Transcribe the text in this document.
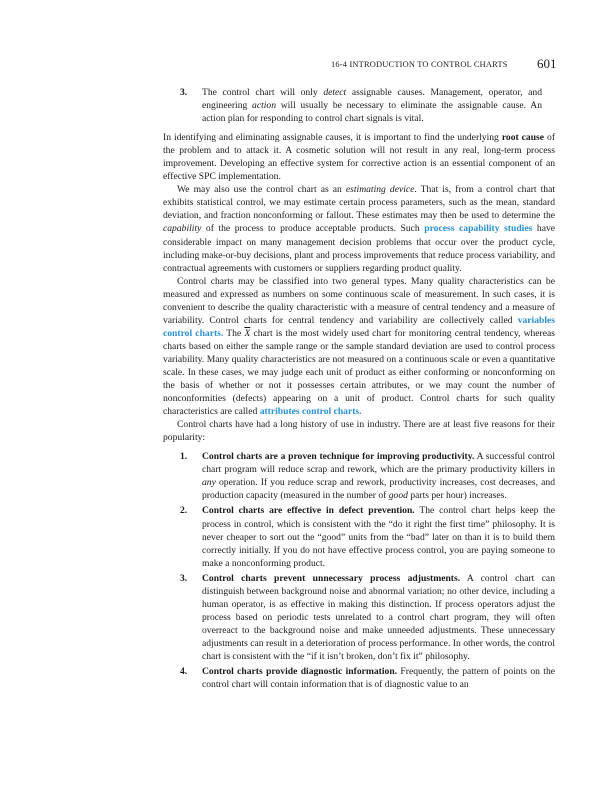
16-4 INTRODUCTION TO CONTROL CHARTS 601
3. The control chart will only detect assignable causes. Management, operator, and engineering action will usually be necessary to eliminate the assignable cause. An action plan for responding to control chart signals is vital.

In identifying and eliminating assignable causes, it is important to find the underlying root cause of the problem and to attack it. A cosmetic solution will not result in any real, long-term process improvement. Developing an effective system for corrective action is an essential component of an effective SPC implementation.

We may also use the control chart as an estimating device. That is, from a control chart that exhibits statistical control, we may estimate certain process parameters, such as the mean, standard deviation, and fraction nonconforming or fallout. These estimates may then be used to determine the capability of the process to produce acceptable products. Such process capability studies have considerable impact on many management decision problems that occur over the product cycle, including make-or-buy decisions, plant and process improvements that reduce process variability, and contractual agreements with customers or suppliers regarding product quality.

Control charts may be classified into two general types. Many quality characteristics can be measured and expressed as numbers on some continuous scale of measurement. In such cases, it is convenient to describe the quality characteristic with a measure of central tendency and a measure of variability. Control charts for central tendency and variability are collectively called variables control charts. The $\overline{X}$ chart is the most widely used chart for monitoring central tendency, whereas charts based on either the sample range or the sample standard deviation are used to control process variability. Many quality characteristics are not measured on a continuous scale or even a quantitative scale. In these cases, we may judge each unit of product as either conforming or nonconforming on the basis of whether or not it possesses certain attributes, or we may count the number of nonconformities (defects) appearing on a unit of product. Control charts for such quality characteristics are called attributes control charts.

Control charts have had a long history of use in industry. There are at least five reasons for their popularity:

1. Control charts are a proven technique for improving productivity. A successful control chart program will reduce scrap and rework, which are the primary productivity killers in any operation. If you reduce scrap and rework, productivity increases, cost decreases, and production capacity (measured in the number of good parts per hour) increases.
2. Control charts are effective in defect prevention. The control chart helps keep the process in control, which is consistent with the “do it right the first time” philosophy. It is never cheaper to sort out the “good” units from the “bad” later on than it is to build them correctly initially. If you do not have effective process control, you are paying someone to make a nonconforming product.
3. Control charts prevent unnecessary process adjustments. A control chart can distinguish between background noise and abnormal variation; no other device, including a human operator, is as effective in making this distinction. If process operators adjust the process based on periodic tests unrelated to a control chart program, they will often overreact to the background noise and make unneeded adjustments. These unnecessary adjustments can result in a deterioration of process performance. In other words, the control chart is consistent with the “if it isn’t broken, don’t fix it” philosophy.
4. Control charts provide diagnostic information. Frequently, the pattern of points on the control chart will contain information that is of diagnostic value to an
